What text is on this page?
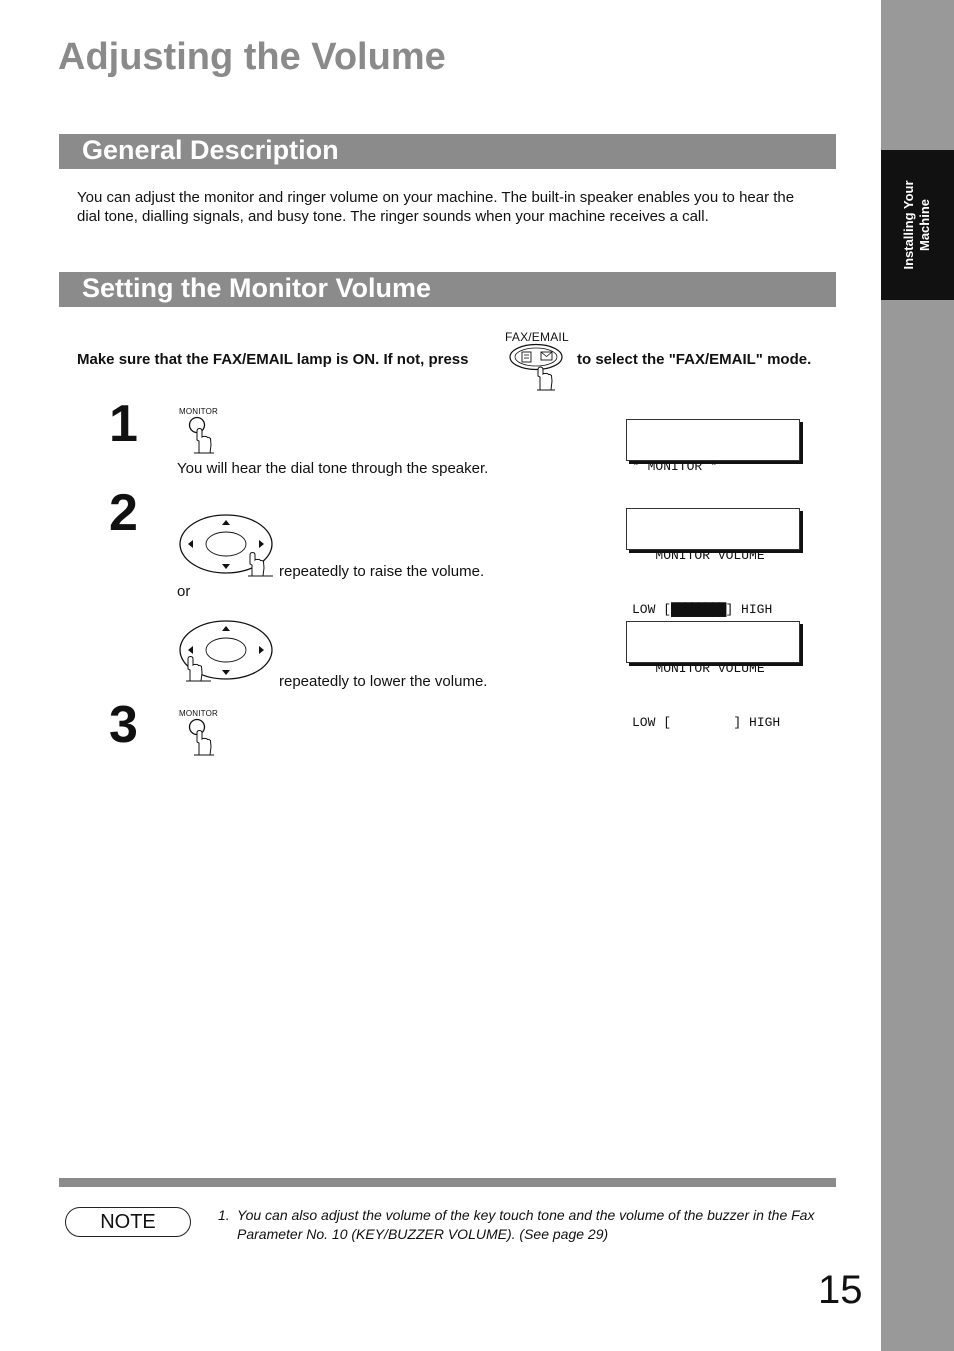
Installing Your Machine
Adjusting the Volume
General Description
You can adjust the monitor and ringer volume on your machine. The built-in speaker enables you to hear the
dial tone, dialling signals, and busy tone. The ringer sounds when your machine receives a call.
Setting the Monitor Volume
Make sure that the FAX/EMAIL lamp is ON. If not, press
FAX/EMAIL
to select the "FAX/EMAIL" mode.
1	MONITOR
You will hear the dial tone through the speaker.

	* MONITOR *

2
repeatedly to raise the volume.
or

MONITOR VOLUME

LOW [████████] HIGH

repeatedly to lower the volume.

MONITOR VOLUME

LOW [        ] HIGH

3	MONITOR
NOTE	1. You can also adjust the volume of the key touch tone and the volume of the buzzer in the Fax
Parameter No. 10 (KEY/BUZZER VOLUME). (See page 29)
15
